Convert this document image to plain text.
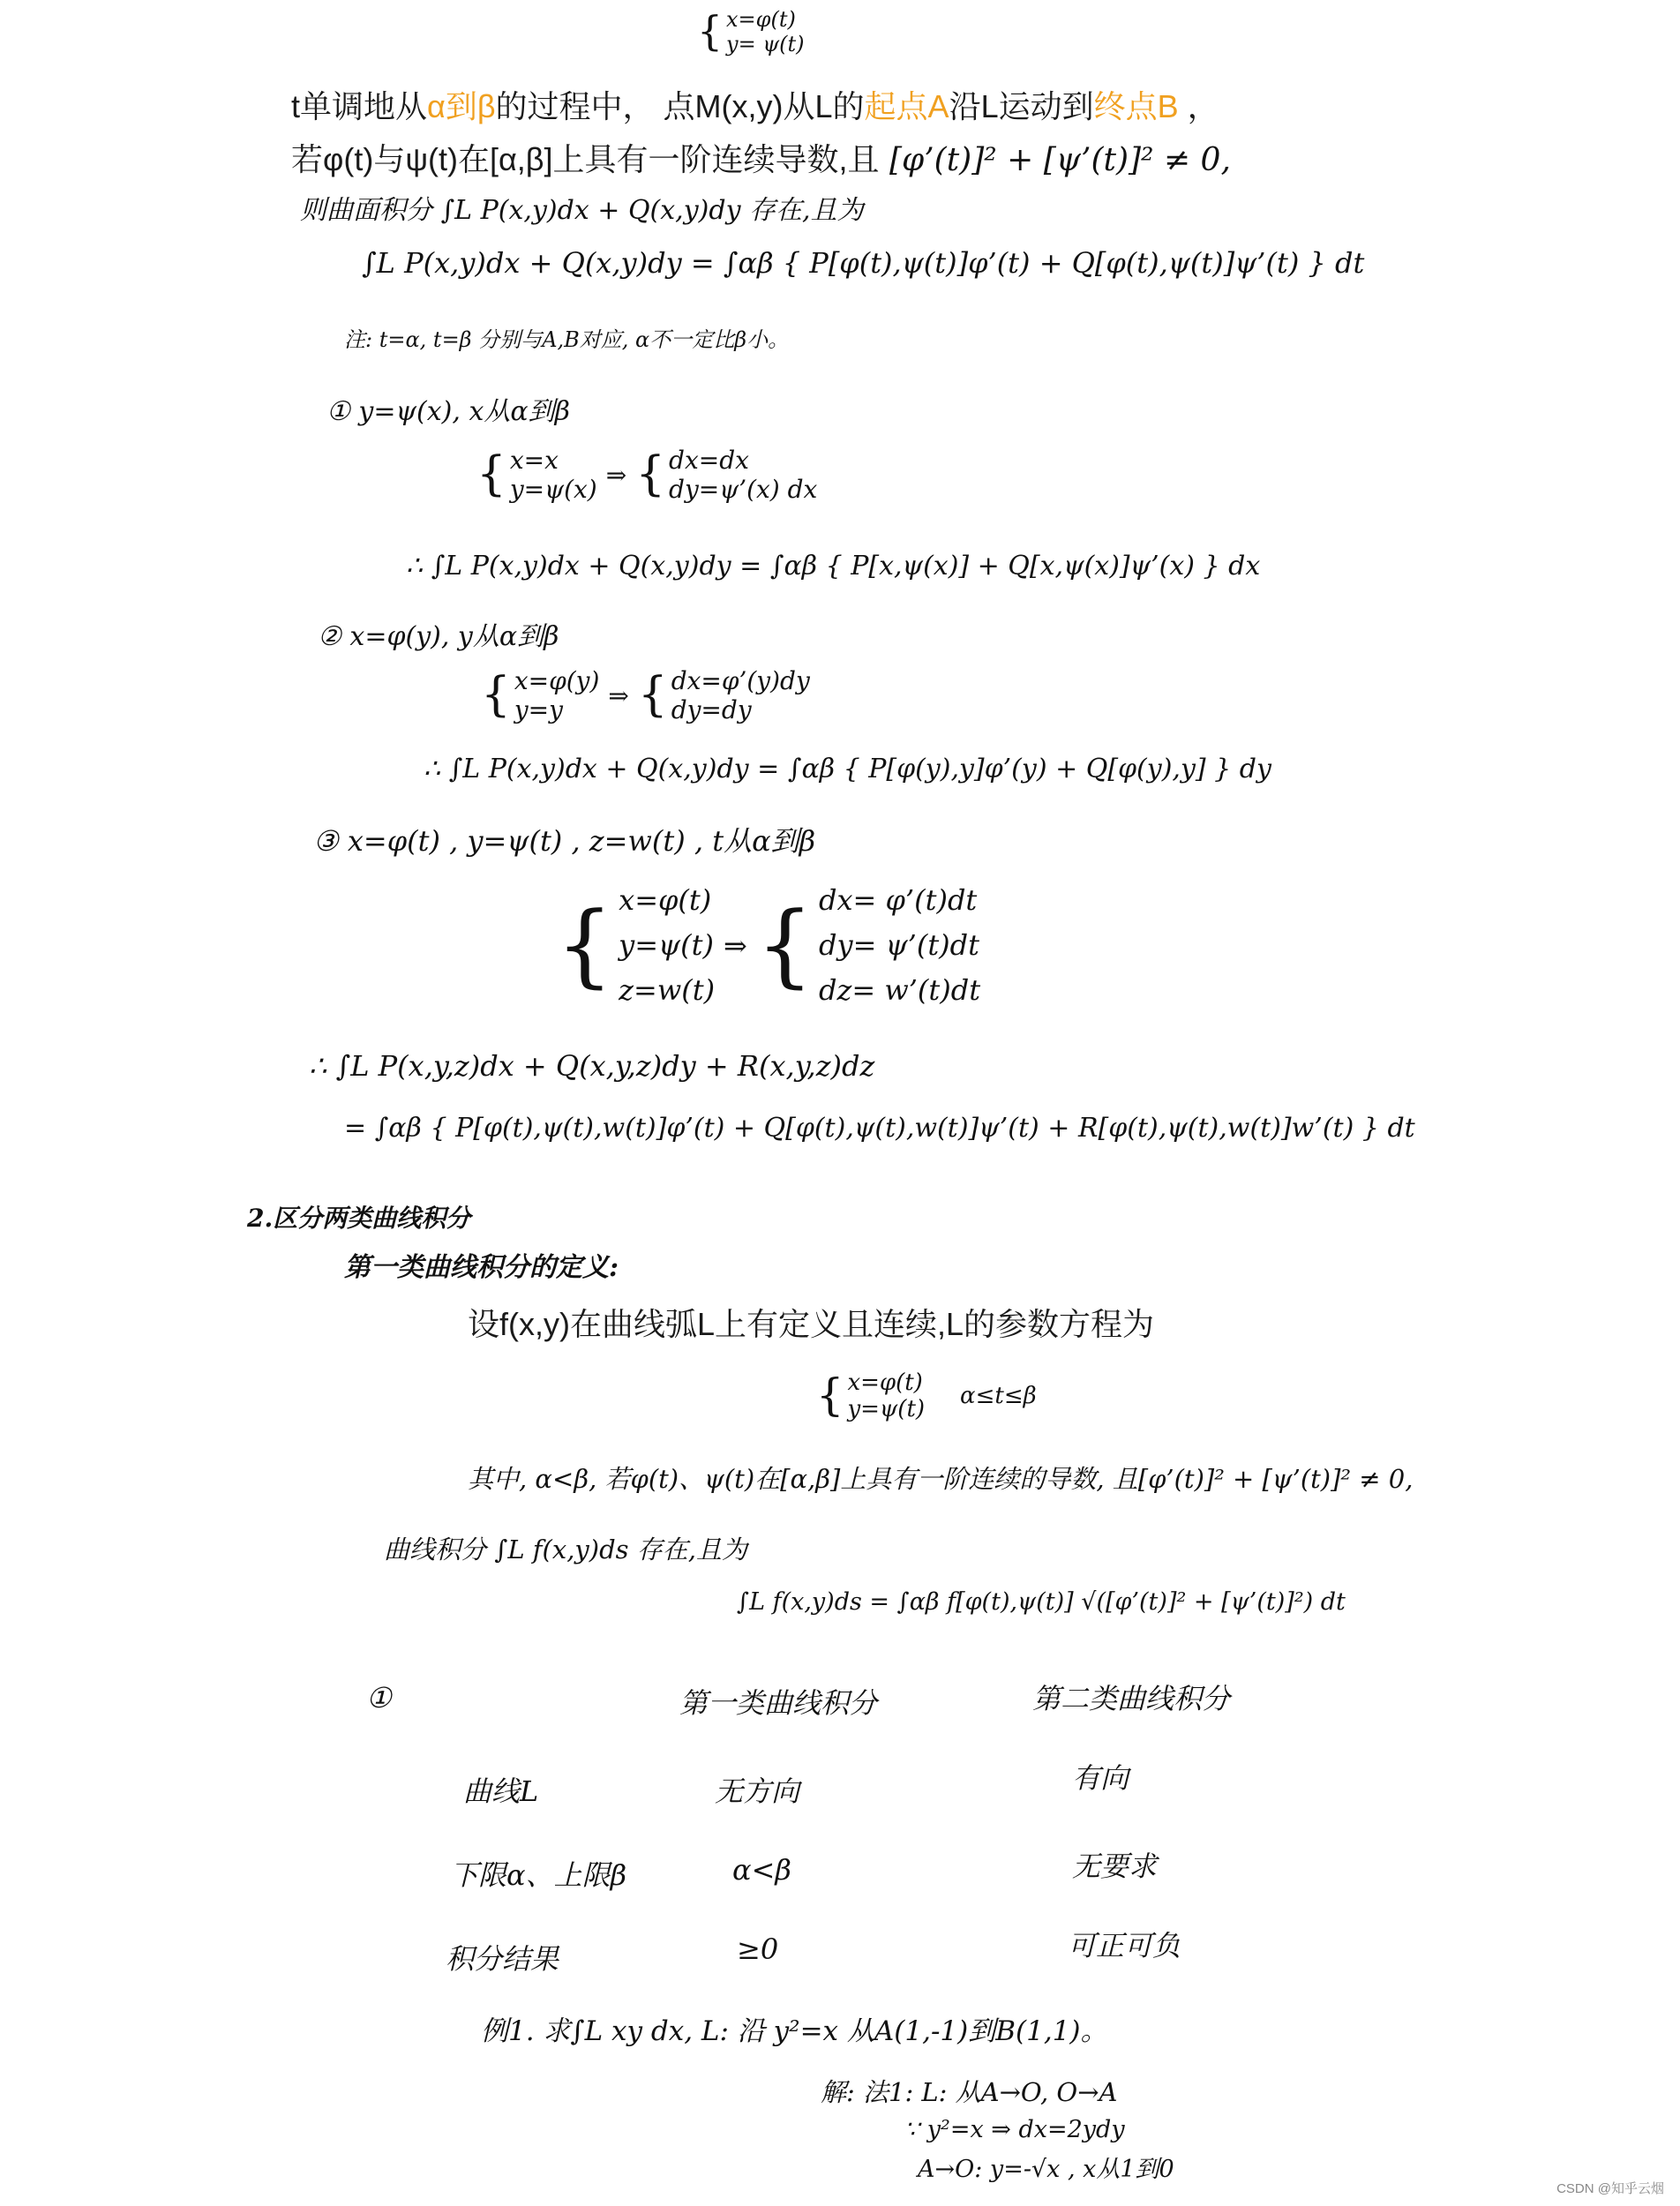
{ x=φ(t)
y= ψ(t)
t单调地从α到β的过程中， 点M(x,y)从L的起点A沿L运动到终点B ，
若φ(t)与ψ(t)在[α,β]上具有一阶连续导数,且 [φ’(t)]² + [ψ’(t)]² ≠ 0,
则曲面积分 ∫L P(x,y)dx + Q(x,y)dy 存在,且为
∫L P(x,y)dx + Q(x,y)dy = ∫αβ { P[φ(t),ψ(t)]φ’(t) + Q[φ(t),ψ(t)]ψ’(t) } dt
注: t=α, t=β 分别与A,B对应, α不一定比β小。
① y=ψ(x), x从α到β
{ x=x
y=ψ(x) ⇒ { dx=dx
dy=ψ’(x) dx
∴ ∫L P(x,y)dx + Q(x,y)dy = ∫αβ { P[x,ψ(x)] + Q[x,ψ(x)]ψ’(x) } dx
② x=φ(y), y从α到β
{ x=φ(y)
y=y	⇒ { dx=φ’(y)dy
dy=dy
∴ ∫L P(x,y)dx + Q(x,y)dy = ∫αβ { P[φ(y),y]φ’(y) + Q[φ(y),y] } dy
③ x=φ(t) , y=ψ(t) , z=w(t) , t从α到β
{ x=φ(t)
y=ψ(t)
z=w(t)
⇒ { dx= φ’(t)dt
dy= ψ’(t)dt
dz= w’(t)dt
∴ ∫L P(x,y,z)dx + Q(x,y,z)dy + R(x,y,z)dz
= ∫αβ { P[φ(t),ψ(t),w(t)]φ’(t) + Q[φ(t),ψ(t),w(t)]ψ’(t) + R[φ(t),ψ(t),w(t)]w’(t) } dt
2.区分两类曲线积分
第一类曲线积分的定义:
设f(x,y)在曲线弧L上有定义且连续,L的参数方程为
{ x=φ(t)
y=ψ(t) α≤t≤β
其中, α<β, 若φ(t)、ψ(t)在[α,β]上具有一阶连续的导数, 且[φ’(t)]² + [ψ’(t)]² ≠ 0,
曲线积分 ∫L f(x,y)ds 存在,且为
∫L f(x,y)ds = ∫αβ f[φ(t),ψ(t)] √([φ’(t)]² + [ψ’(t)]²) dt
①	第一类曲线积分	第二类曲线积分
曲线L	无方向	有向
下限α、上限β	α<β	无要求
积分结果	≥0	可正可负
例1. 求∫L xy dx, L: 沿 y²=x 从A(1,-1)到B(1,1)。
解: 法1: L: 从A→O, O→A
∵ y²=x ⇒ dx=2ydy
A→O: y=-√x , x从1到0
CSDN @知乎云烟
